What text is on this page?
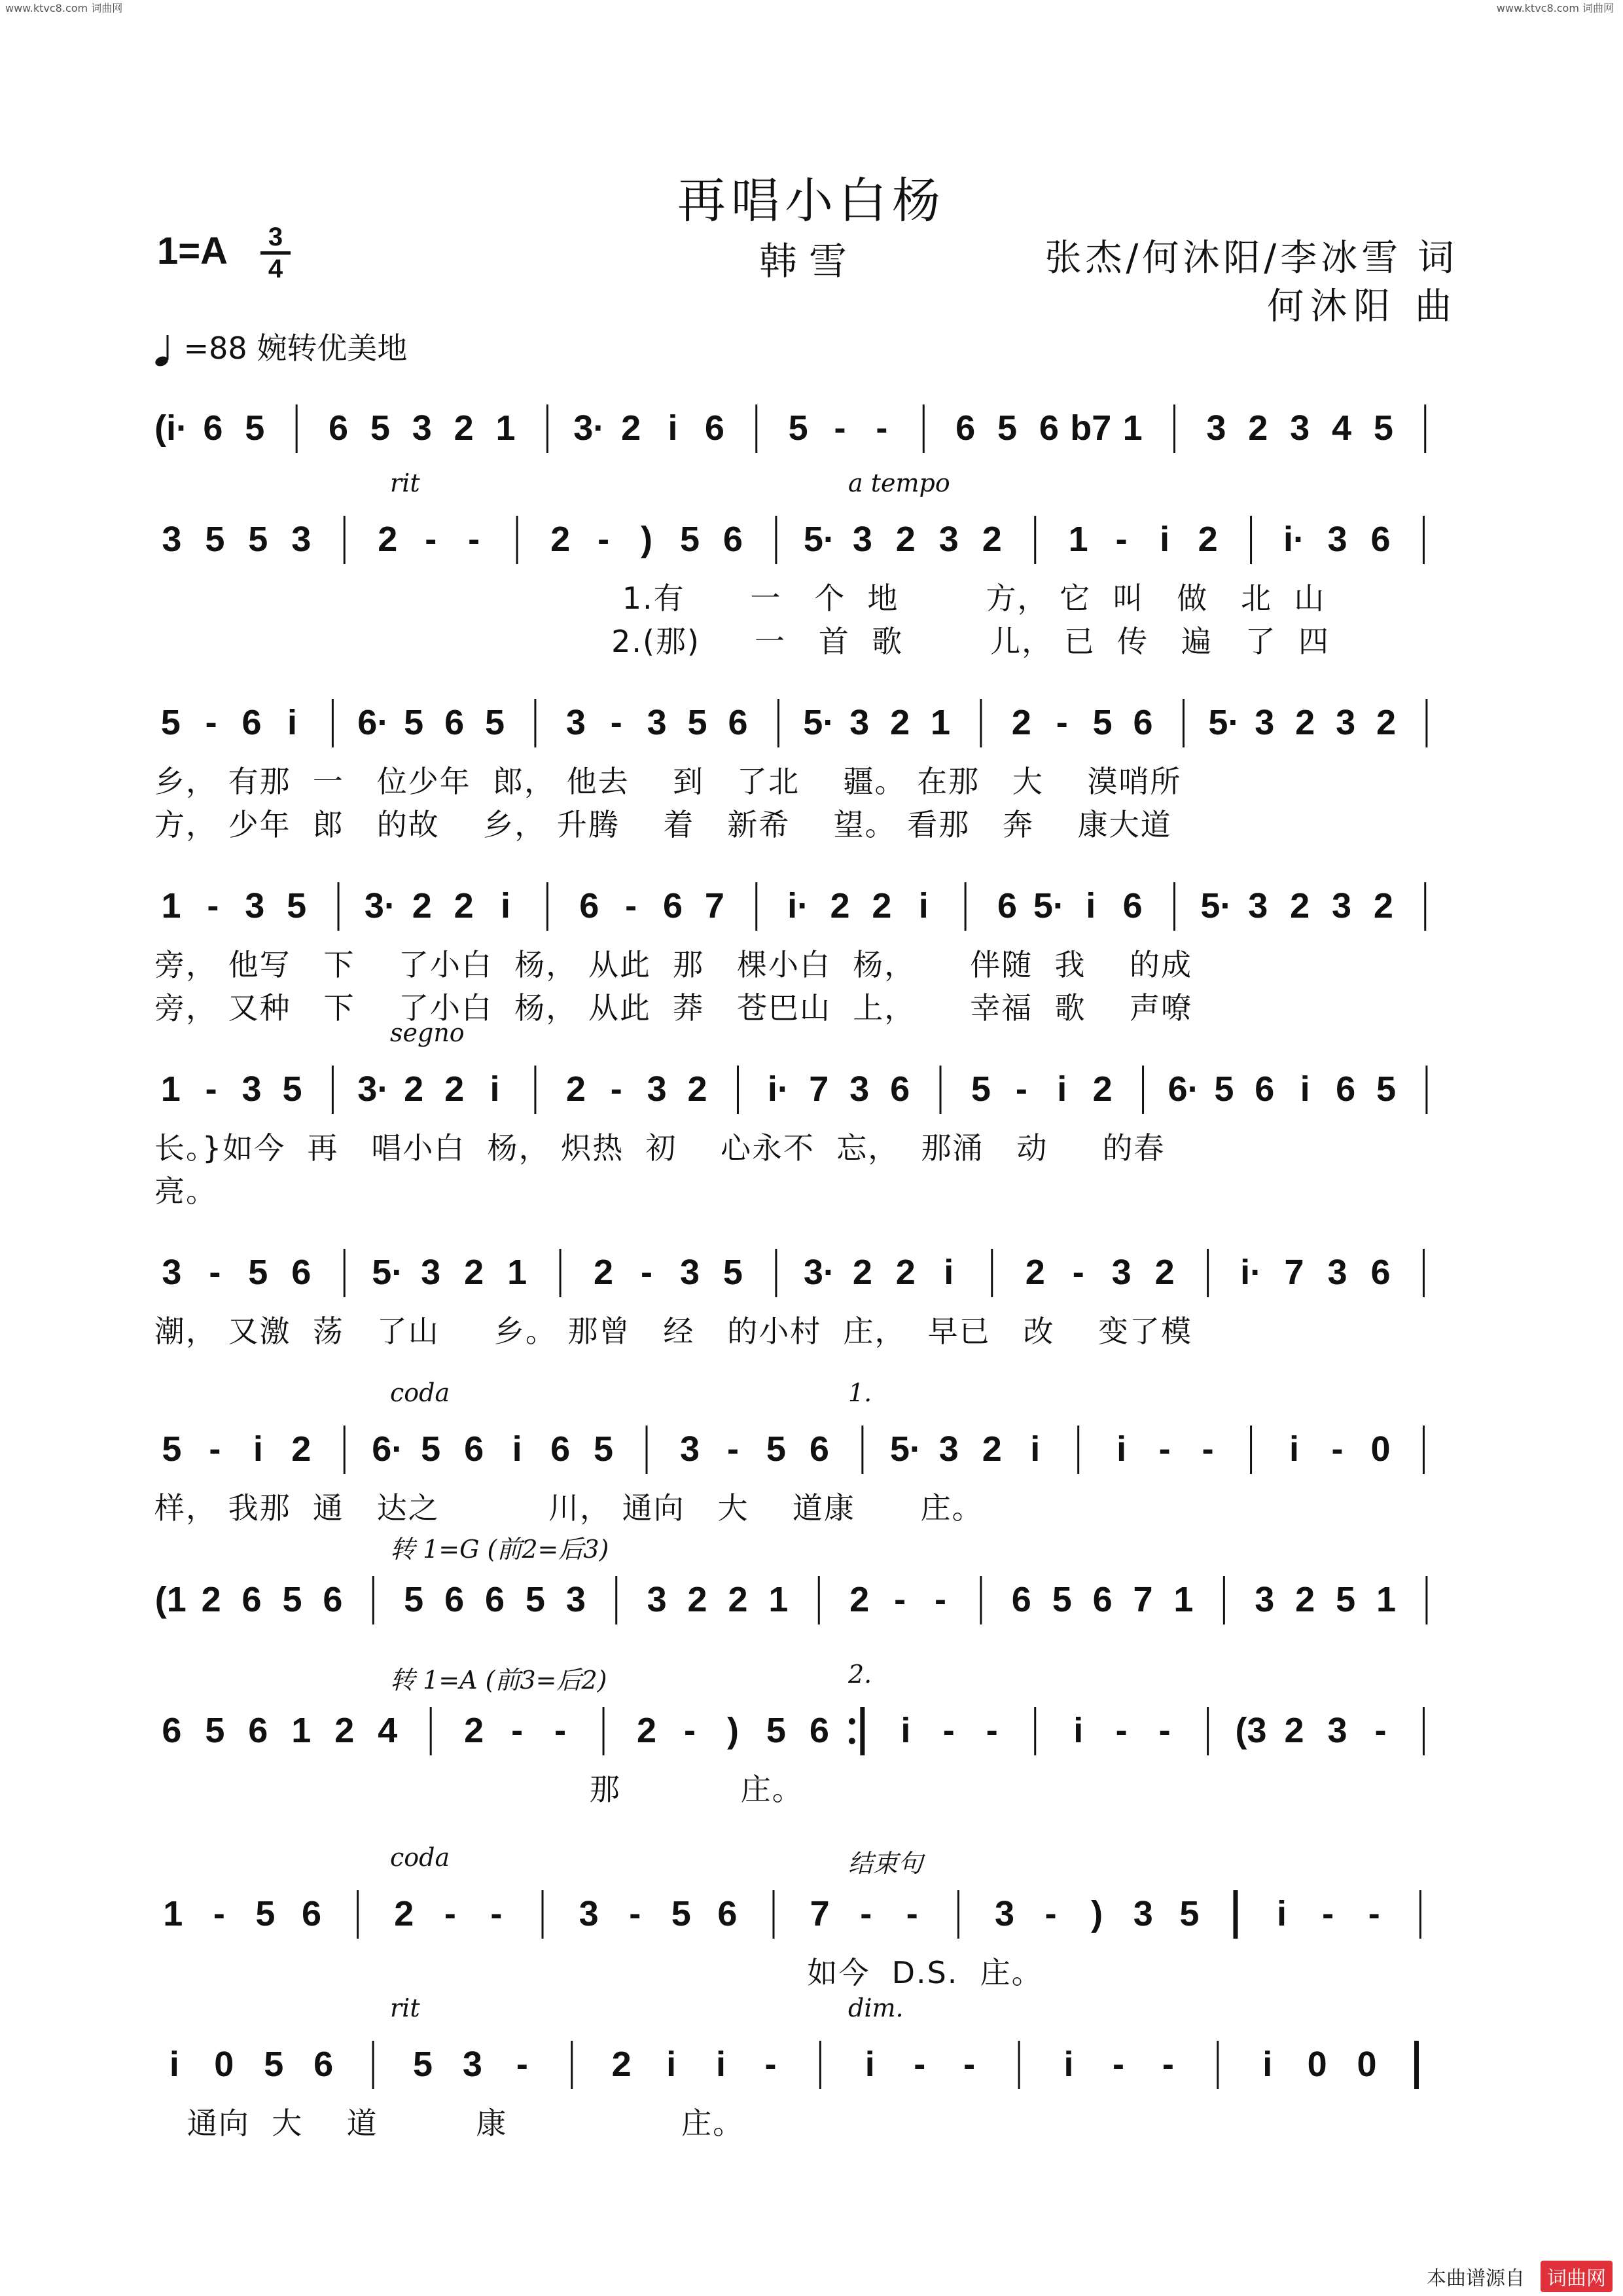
www.ktvc8.com 词曲网	www.ktvc8.com 词曲网
再唱小白杨
1=A 3
4	韩雪	张杰/何沐阳/李冰雪 词
何沐阳 曲
=88 婉转优美地
(i· 6 5 6 5 3 2 1 3· 2 i 6 5 - - 6 5 6 b7 1 3 2 3 4 5
3 5 5 3 2 - - 2 - ) 5 6 5· 3 2 3 2 1 - i 2 i· 3 6
rit	a tempo
1.有      一   个  地        方， 它  叫   做   北  山
2.(那)     一   首  歌        儿， 已  传   遍   了  四
5 - 6 i 6· 5 6 5 3 - 3 5 6 5· 3 2 1 2 - 5 6 5· 3 2 3 2
乡， 有那  一   位少年  郎， 他去    到   了北    疆。 在那   大    漠哨所
方， 少年  郎   的故    乡， 升腾    着   新希    望。 看那   奔    康大道
1 - 3 5 3· 2 2 i 6 - 6 7 i· 2 2 i 6 5· i 6 5· 3 2 3 2
旁， 他写   下    了小白  杨， 从此  那   棵小白  杨，     伴随  我    的成
旁， 又种   下    了小白  杨， 从此  莽   苍巴山  上，     幸福  歌    声嘹
1 - 3 5 3· 2 2 i 2 - 3 2 i· 7 3 6 5 - i 2 6· 5 6 i 6 5
segno
长。}如今  再   唱小白  杨， 炽热  初    心永不  忘，  那涌   动     的春
亮。
3 - 5 6 5· 3 2 1 2 - 3 5 3· 2 2 i 2 - 3 2 i· 7 3 6
潮， 又激  荡   了山     乡。 那曾   经   的小村  庄，  早已   改    变了模
5 - i 2 6· 5 6 i 6 5 3 - 5 6 5· 3 2 i i - - i - 0
coda	1.
样， 我那  通   达之          川， 通向   大    道康      庄。
(1 2 6 5 6 5 6 6 5 3 3 2 2 1 2 - - 6 5 6 7 1 3 2 5 1
转 1=G (前2=后3)
6 5 6 1 2 4 2 - - 2 - ) 5 6 i - - i - - (3 2 3 -
转 1=A (前3=后2)	2.
那           庄。
1 - 5 6 2 - - 3 - 5 6 7 - - 3 - ) 3 5 i - -
coda	结束句
如今  D.S.  庄。
i 0 5 6 5 3 - 2 i i -	i - -	i - -	i 0 0
rit	dim.
通向  大    道         康                庄。
本曲谱源自	词曲网
